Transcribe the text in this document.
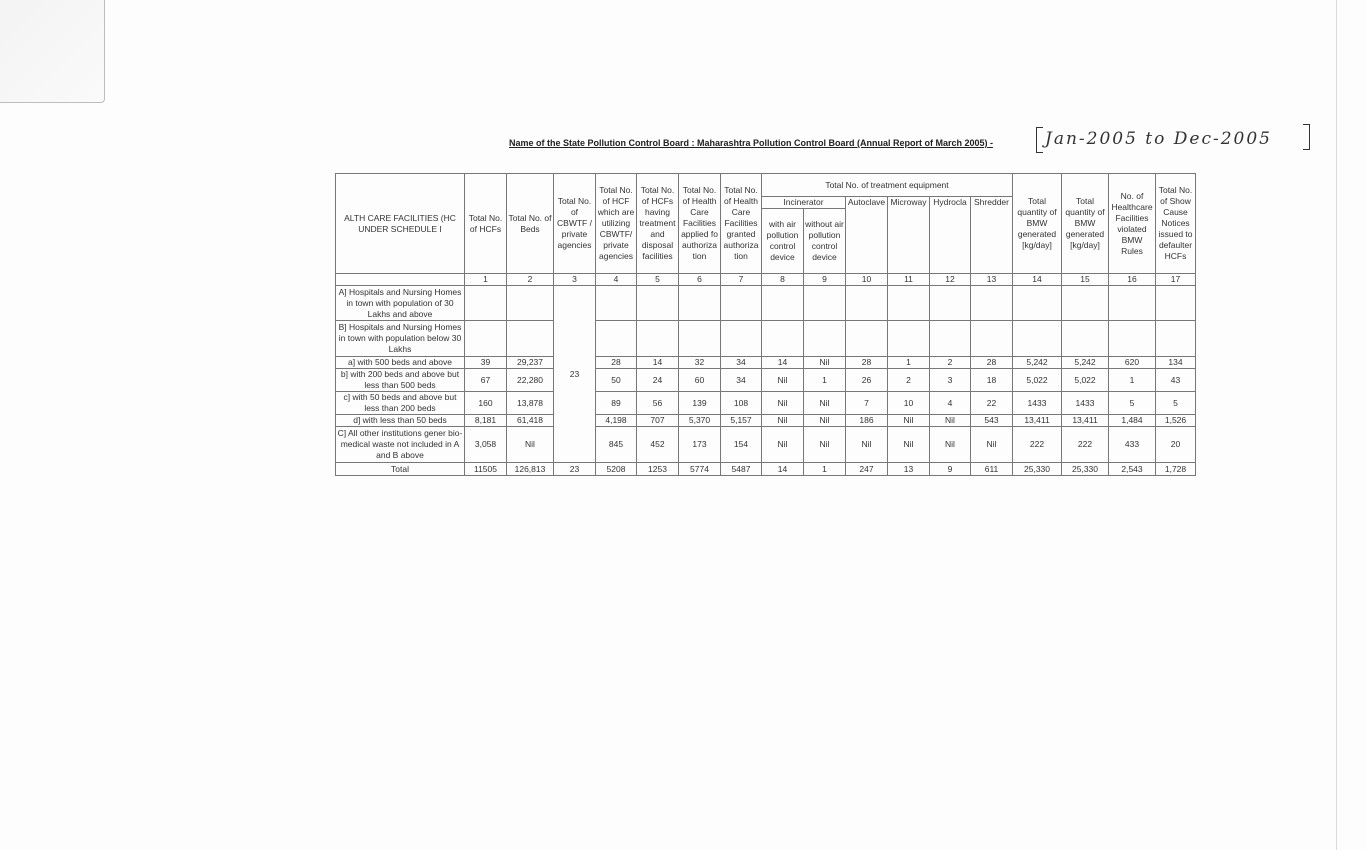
Name of the State Pollution Control Board : Maharashtra Pollution Control Board (Annual Report of March 2005) -	Jan-2005 to Dec-2005
ALTH CARE FACILITIES (HC UNDER SCHEDULE I	Total No. of HCFs	Total No. of Beds	Total No. of CBWTF / private agencies	Total No. of HCF which are utilizing CBWTF/ private agencies	Total No. of HCFs having treatment and disposal facilities	Total No. of Health Care Facilities applied fo authoriza tion	Total No. of Health Care Facilities granted authoriza tion	Total No. of treatment equipment						Total quantity of BMW generated [kg/day]	Total quantity of BMW generated [kg/day]	No. of Healthcare Facilities violated BMW Rules	Total No. of Show Cause Notices issued to defaulter HCFs
								Incinerator		Autoclave	Microway	Hydrocla	Shredder				
								with air pollution control device	without air pollution control device								
	1	2	3	4	5	6	7	8	9	10	11	12	13	14	15	16	17
A] Hospitals and Nursing Homes in town with population of 30 Lakhs and above			23														
B] Hospitals and Nursing Homes in town with population below 30 Lakhs																	
a] with 500 beds and above	39	29,237		28	14	32	34	14	Nil	28	1	2	28	5,242	5,242	620	134
b] with 200 beds and above but less than 500 beds	67	22,280		50	24	60	34	Nil	1	26	2	3	18	5,022	5,022	1	43
c] with 50 beds and above but less than 200 beds	160	13,878		89	56	139	108	Nil	Nil	7	10	4	22	1433	1433	5	5
d] with less than 50 beds	8,181	61,418		4,198	707	5,370	5,157	Nil	Nil	186	Nil	Nil	543	13,411	13,411	1,484	1,526
C] All other institutions gener bio-medical waste not included in A and B above	3,058	Nil		845	452	173	154	Nil	Nil	Nil	Nil	Nil	Nil	222	222	433	20
Total	11505	126,813	23	5208	1253	5774	5487	14	1	247	13	9	611	25,330	25,330	2,543	1,728
